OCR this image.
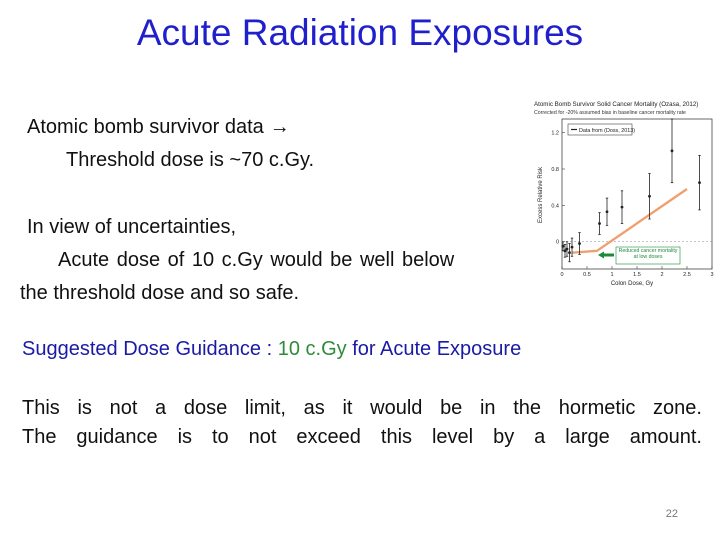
Acute Radiation Exposures
Atomic bomb survivor data →
Threshold dose is ~70 c.Gy.
In view of uncertainties,
Acute dose of 10 c.Gy would be well below
the threshold dose and so safe.
Suggested Dose Guidance : 10 c.Gy for Acute Exposure
This is not a dose limit, as it would be in the hormetic zone.
The guidance is to not exceed this level by a large amount.
22
Atomic Bomb Survivor Solid Cancer Mortality (Ozasa, 2012)
Corrected for -20% assumed bias in baseline cancer mortality rate
Data from (Doss, 2013)
0
0.4
0.8
1.2
0	0.5	1	1.5	2	2.5	3
Reduced cancer mortality at low doses
Excess Relative Risk
Colon Dose, Gy
